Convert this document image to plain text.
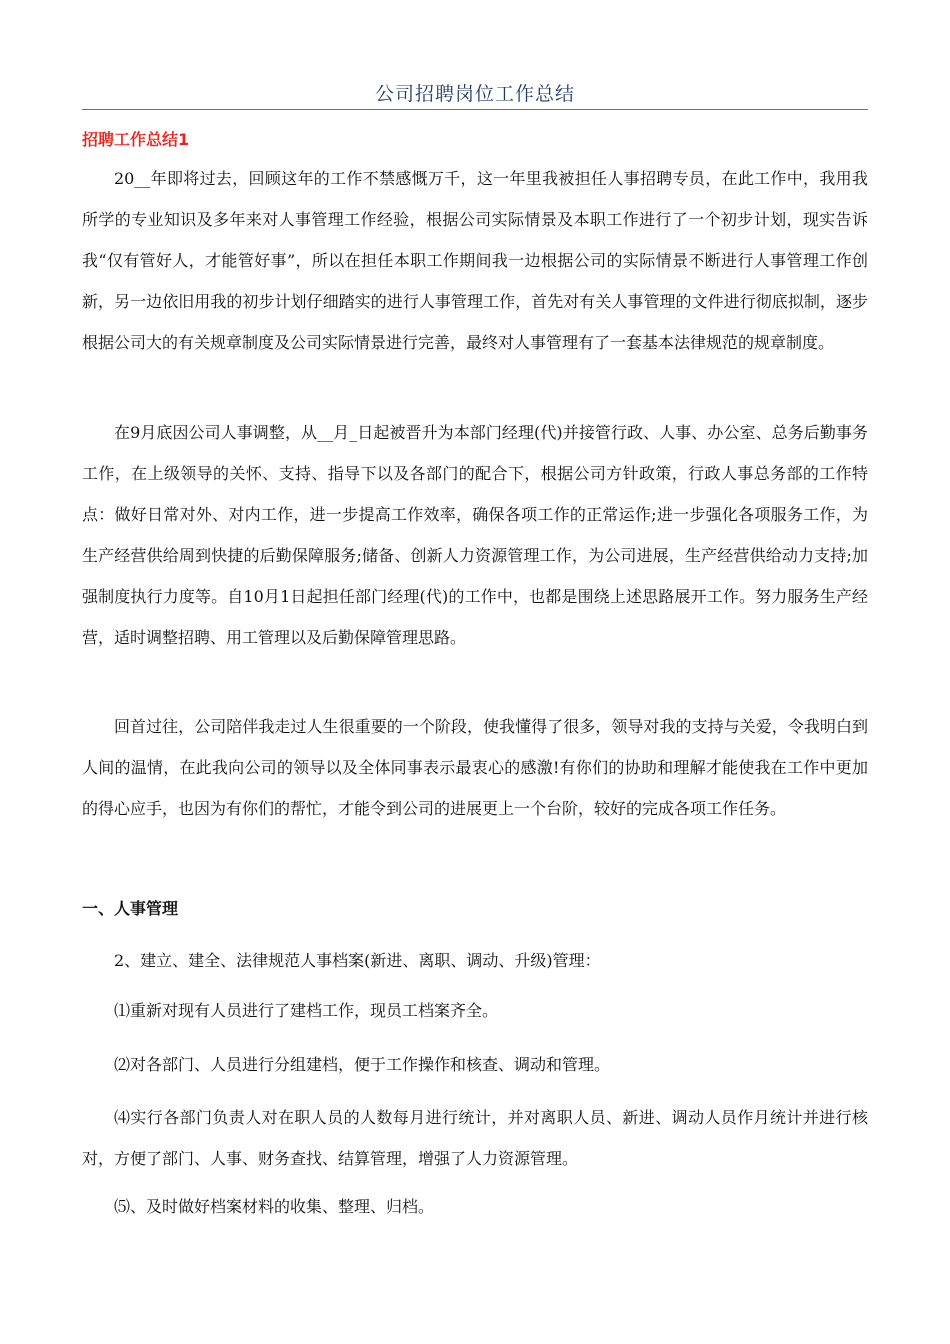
公司招聘岗位工作总结
招聘工作总结1

20__年即将过去，回顾这年的工作不禁感慨万千，这一年里我被担任人事招聘专员，在此工作中，我用我所学的专业知识及多年来对人事管理工作经验，根据公司实际情景及本职工作进行了一个初步计划，现实告诉我“仅有管好人，才能管好事”，所以在担任本职工作期间我一边根据公司的实际情景不断进行人事管理工作创新，另一边依旧用我的初步计划仔细踏实的进行人事管理工作，首先对有关人事管理的文件进行彻底拟制，逐步根据公司大的有关规章制度及公司实际情景进行完善，最终对人事管理有了一套基本法律规范的规章制度。

在9月底因公司人事调整，从__月_日起被晋升为本部门经理(代)并接管行政、人事、办公室、总务后勤事务工作，在上级领导的关怀、支持、指导下以及各部门的配合下，根据公司方针政策，行政人事总务部的工作特点：做好日常对外、对内工作，进一步提高工作效率，确保各项工作的正常运作;进一步强化各项服务工作，为生产经营供给周到快捷的后勤保障服务;储备、创新人力资源管理工作，为公司进展，生产经营供给动力支持;加强制度执行力度等。自10月1日起担任部门经理(代)的工作中，也都是围绕上述思路展开工作。努力服务生产经营，适时调整招聘、用工管理以及后勤保障管理思路。

回首过往，公司陪伴我走过人生很重要的一个阶段，使我懂得了很多，领导对我的支持与关爱，令我明白到人间的温情，在此我向公司的领导以及全体同事表示最衷心的感激!有你们的协助和理解才能使我在工作中更加的得心应手，也因为有你们的帮忙，才能令到公司的进展更上一个台阶，较好的完成各项工作任务。

一、人事管理

2、建立、建全、法律规范人事档案(新进、离职、调动、升级)管理：

⑴重新对现有人员进行了建档工作，现员工档案齐全。

⑵对各部门、人员进行分组建档，便于工作操作和核查、调动和管理。

⑷实行各部门负责人对在职人员的人数每月进行统计，并对离职人员、新进、调动人员作月统计并进行核对，方便了部门、人事、财务查找、结算管理，增强了人力资源管理。

⑸、及时做好档案材料的收集、整理、归档。
